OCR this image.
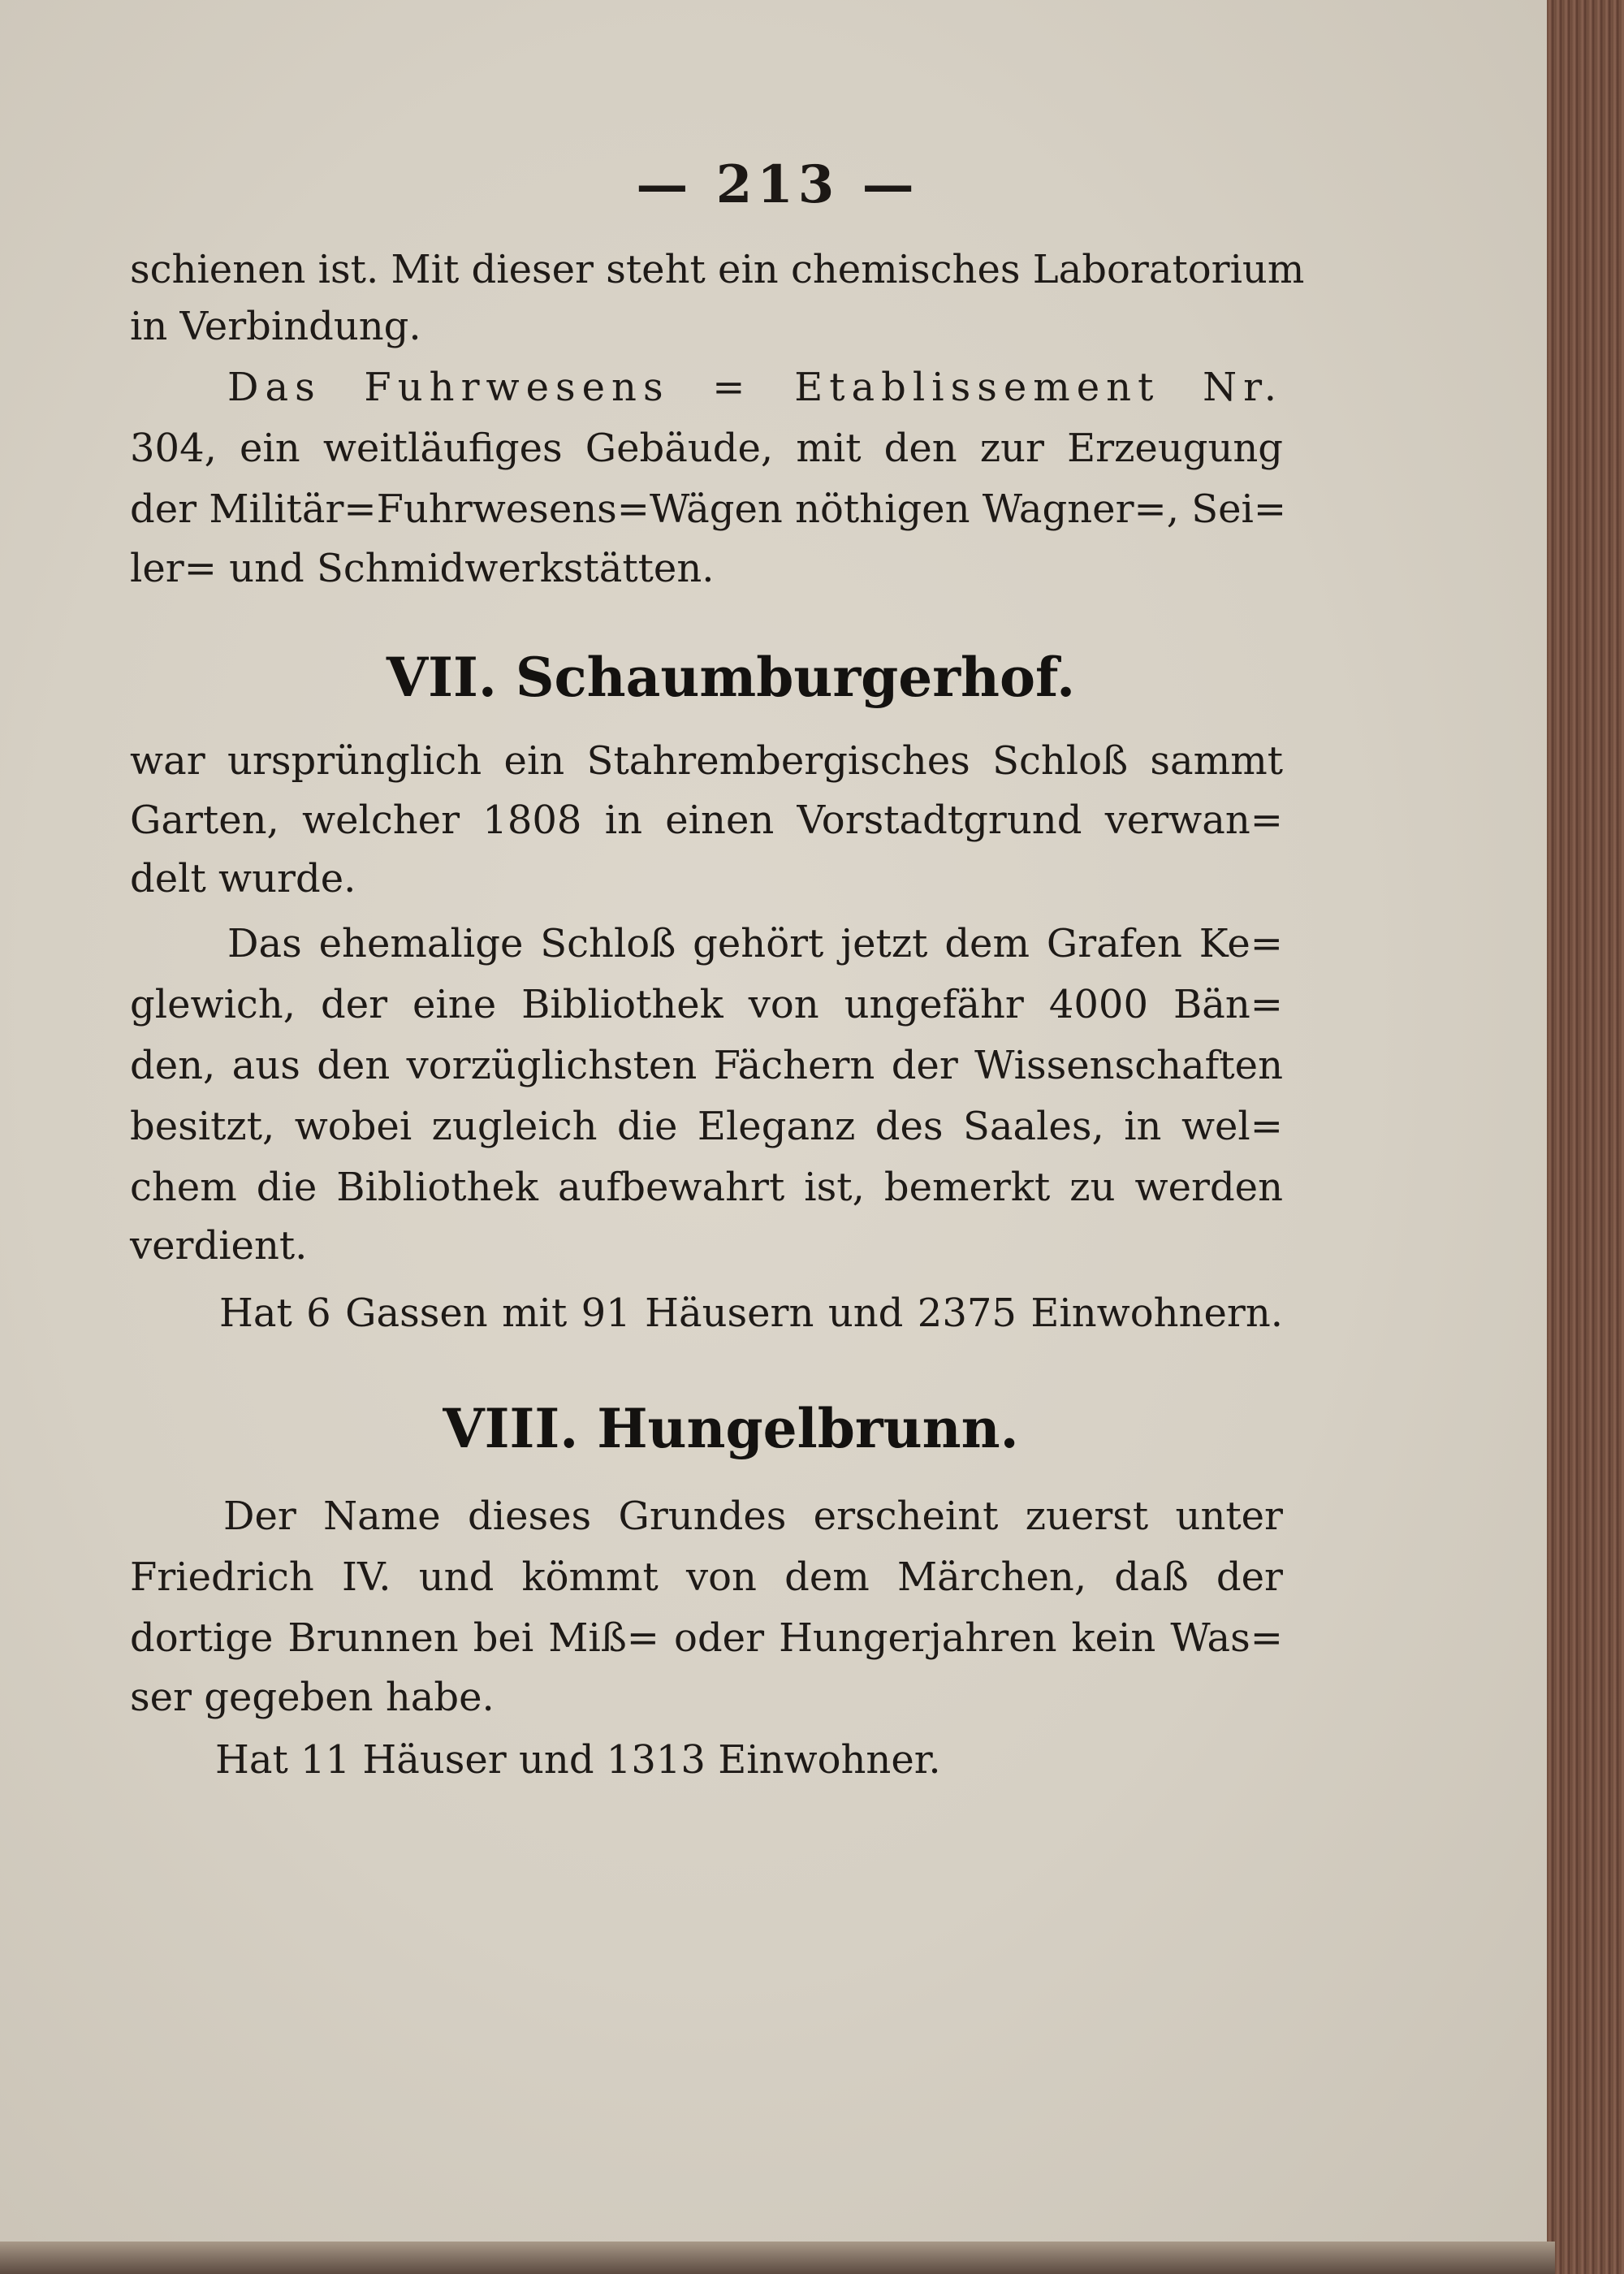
— 213 —
schienen ist. Mit dieser steht ein chemisches Laboratorium
in Verbindung.
Das Fuhrwesens = Etablissement Nr.
304, ein weitläufiges Gebäude, mit den zur Erzeugung
der Militär=Fuhrwesens=Wägen nöthigen Wagner=, Sei=
ler= und Schmidwerkstätten.
VII. Schaumburgerhof.
war ursprünglich ein Stahrembergisches Schloß sammt
Garten, welcher 1808 in einen Vorstadtgrund verwan=
delt wurde.
Das ehemalige Schloß gehört jetzt dem Grafen Ke=
glewich, der eine Bibliothek von ungefähr 4000 Bän=
den, aus den vorzüglichsten Fächern der Wissenschaften
besitzt, wobei zugleich die Eleganz des Saales, in wel=
chem die Bibliothek aufbewahrt ist, bemerkt zu werden
verdient.
Hat 6 Gassen mit 91 Häusern und 2375 Einwohnern.
VIII. Hungelbrunn.
Der Name dieses Grundes erscheint zuerst unter
Friedrich IV. und kömmt von dem Märchen, daß der
dortige Brunnen bei Miß= oder Hungerjahren kein Was=
ser gegeben habe.
Hat 11 Häuser und 1313 Einwohner.
